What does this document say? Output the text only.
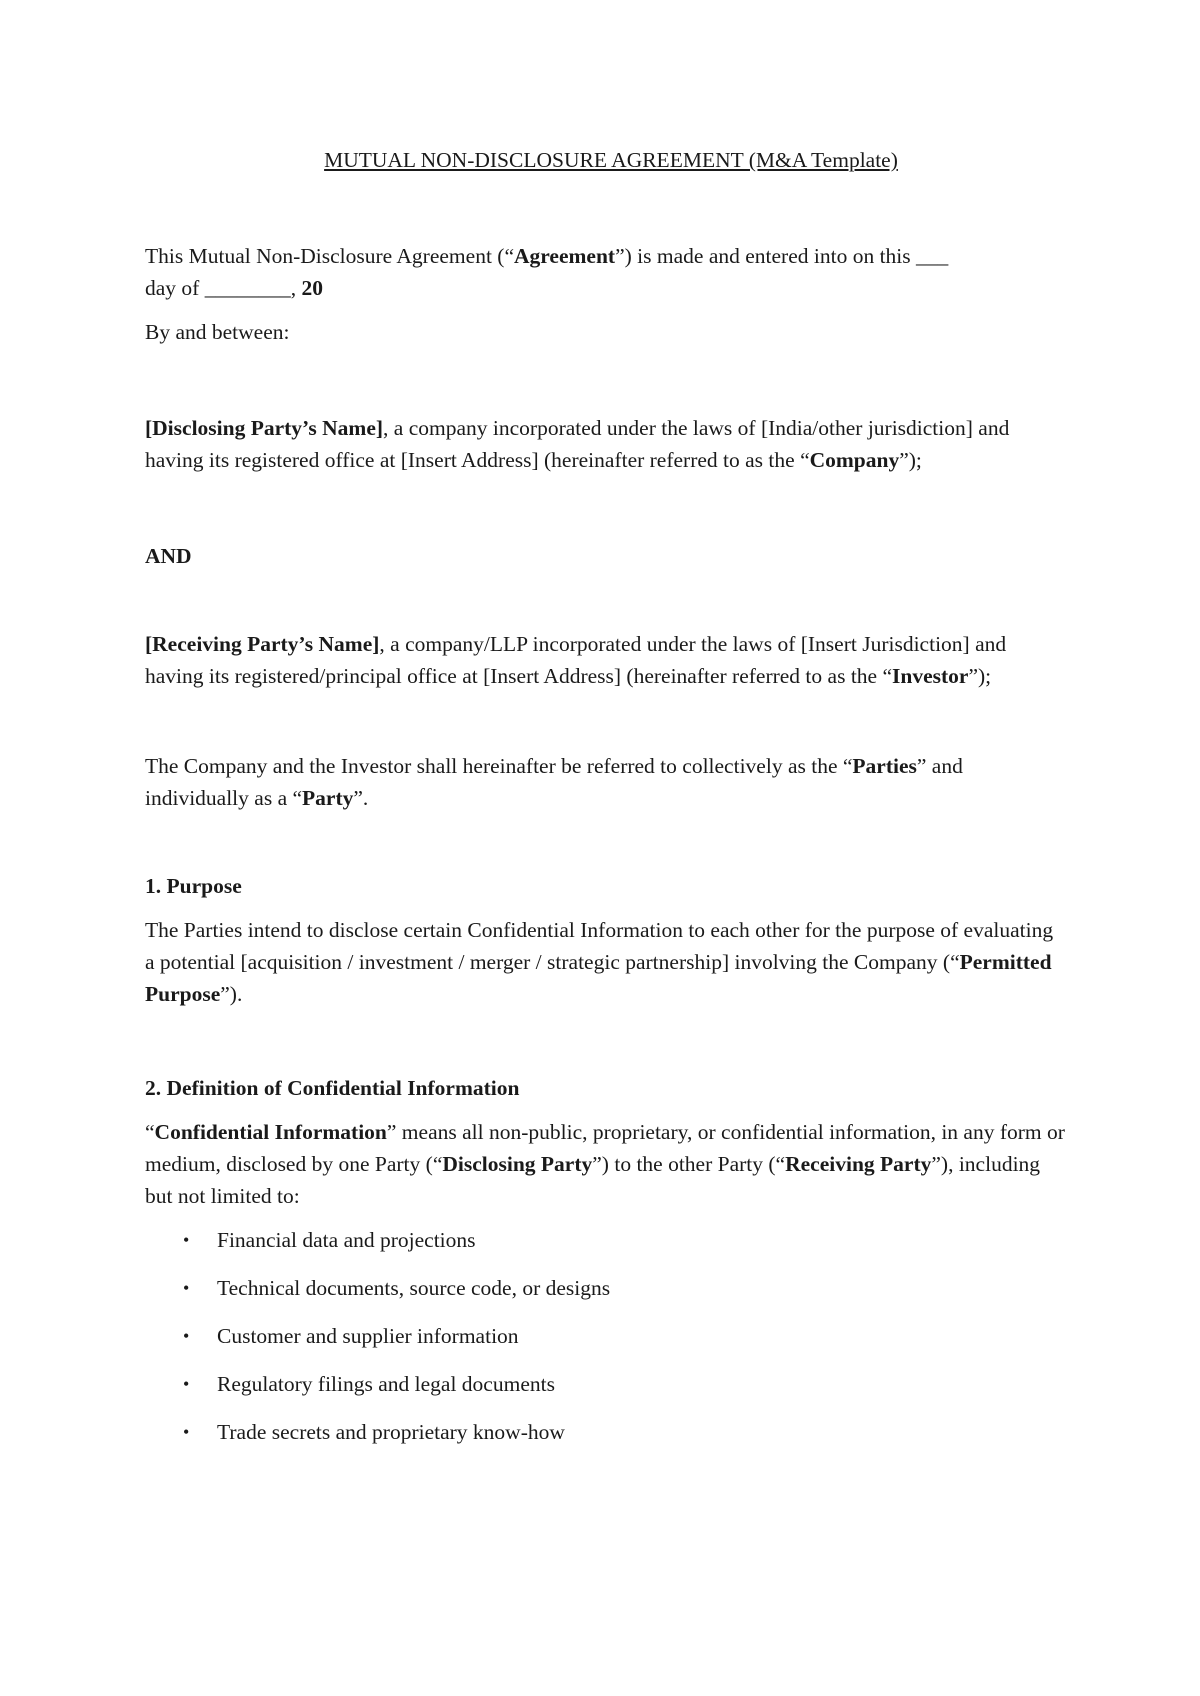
MUTUAL NON-DISCLOSURE AGREEMENT (M&A Template)

This Mutual Non-Disclosure Agreement (“Agreement”) is made and entered into on this ___
day of ________, 20

By and between:

[Disclosing Party’s Name], a company incorporated under the laws of [India/other jurisdiction] and having its registered office at [Insert Address] (hereinafter referred to as the “Company”);

AND

[Receiving Party’s Name], a company/LLP incorporated under the laws of [Insert Jurisdiction] and having its registered/principal office at [Insert Address] (hereinafter referred to as the “Investor”);

The Company and the Investor shall hereinafter be referred to collectively as the “Parties” and individually as a “Party”.

1. Purpose

The Parties intend to disclose certain Confidential Information to each other for the purpose of evaluating a potential [acquisition / investment / merger / strategic partnership] involving the Company (“Permitted Purpose”).

2. Definition of Confidential Information

“Confidential Information” means all non-public, proprietary, or confidential information, in any form or medium, disclosed by one Party (“Disclosing Party”) to the other Party (“Receiving Party”), including but not limited to:

• Financial data and projections
• Technical documents, source code, or designs
• Customer and supplier information
• Regulatory filings and legal documents
• Trade secrets and proprietary know-how
